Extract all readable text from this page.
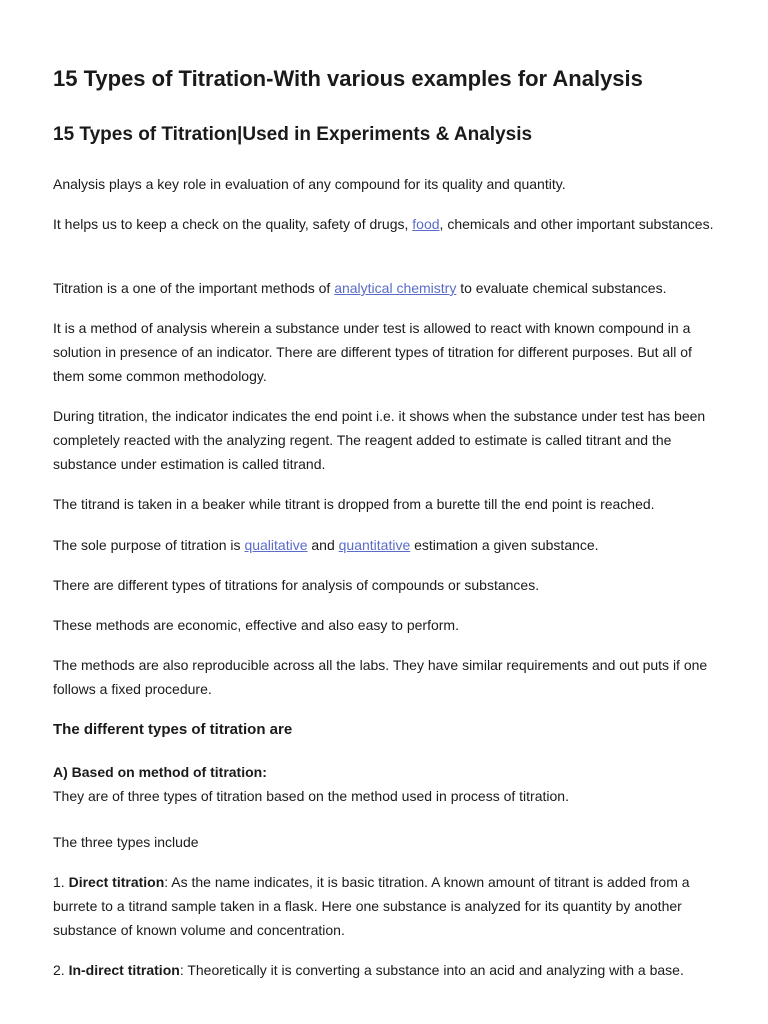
15 Types of Titration-With various examples for Analysis
15 Types of Titration|Used in Experiments & Analysis

Analysis plays a key role in evaluation of any compound for its quality and quantity.

It helps us to keep a check on the quality, safety of drugs, food, chemicals and other important substances.

Titration is a one of the important methods of analytical chemistry to evaluate chemical substances.

It is a method of analysis wherein a substance under test is allowed to react with known compound in a solution in presence of an indicator. There are different types of titration for different purposes. But all of them some common methodology.

During titration, the indicator indicates the end point i.e. it shows when the substance under test has been completely reacted with the analyzing regent. The reagent added to estimate is called titrant and the substance under estimation is called titrand.

The titrand is taken in a beaker while titrant is dropped from a burette till the end point is reached.

The sole purpose of titration is qualitative and quantitative estimation a given substance.

There are different types of titrations for analysis of compounds or substances.

These methods are economic, effective and also easy to perform.

The methods are also reproducible across all the labs. They have similar requirements and out puts if one follows a fixed procedure.

The different types of titration are

A) Based on method of titration:
They are of three types of titration based on the method used in process of titration.

The three types include

1. Direct titration: As the name indicates, it is basic titration. A known amount of titrant is added from a burrete to a titrand sample taken in a flask. Here one substance is analyzed for its quantity by another substance of known volume and concentration.

2. In-direct titration: Theoretically it is converting a substance into an acid and analyzing with a base.
